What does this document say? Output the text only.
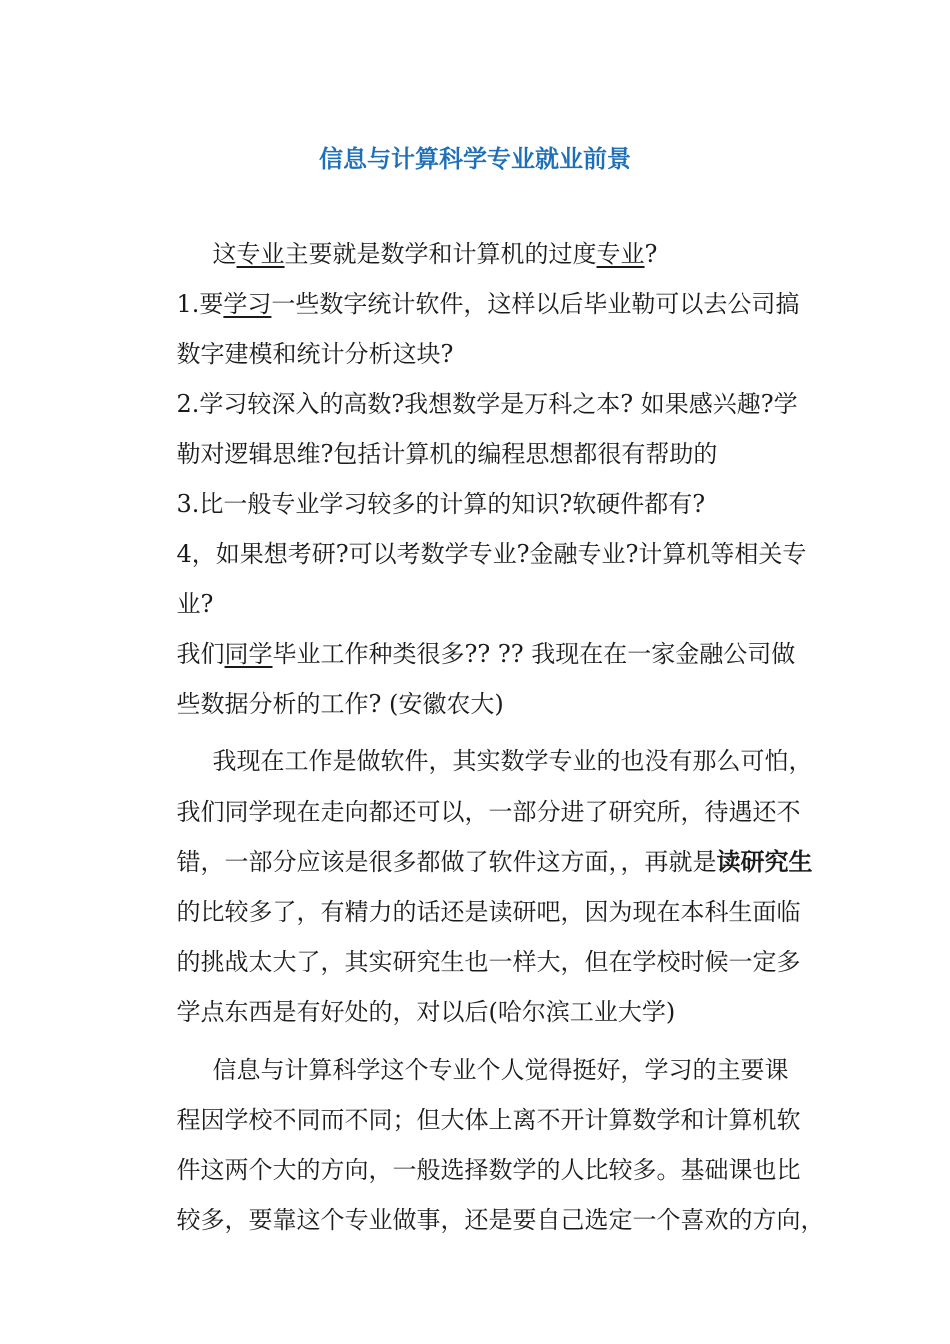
信息与计算科学专业就业前景

这专业主要就是数学和计算机的过度专业?

1.要学习一些数字统计软件，这样以后毕业勒可以去公司搞

数字建模和统计分析这块?

2.学习较深入的高数?我想数学是万科之本? 如果感兴趣?学

勒对逻辑思维?包括计算机的编程思想都很有帮助的

3.比一般专业学习较多的计算的知识?软硬件都有?

4，如果想考研?可以考数学专业?金融专业?计算机等相关专

业?

我们同学毕业工作种类很多?? ?? 我现在在一家金融公司做

些数据分析的工作? (安徽农大)

我现在工作是做软件，其实数学专业的也没有那么可怕，

我们同学现在走向都还可以，一部分进了研究所，待遇还不

错，一部分应该是很多都做了软件这方面，，再就是读研究生

的比较多了，有精力的话还是读研吧，因为现在本科生面临

的挑战太大了，其实研究生也一样大，但在学校时候一定多

学点东西是有好处的，对以后(哈尔滨工业大学)

信息与计算科学这个专业个人觉得挺好，学习的主要课

程因学校不同而不同；但大体上离不开计算数学和计算机软

件这两个大的方向，一般选择数学的人比较多。基础课也比

较多，要靠这个专业做事，还是要自己选定一个喜欢的方向，
